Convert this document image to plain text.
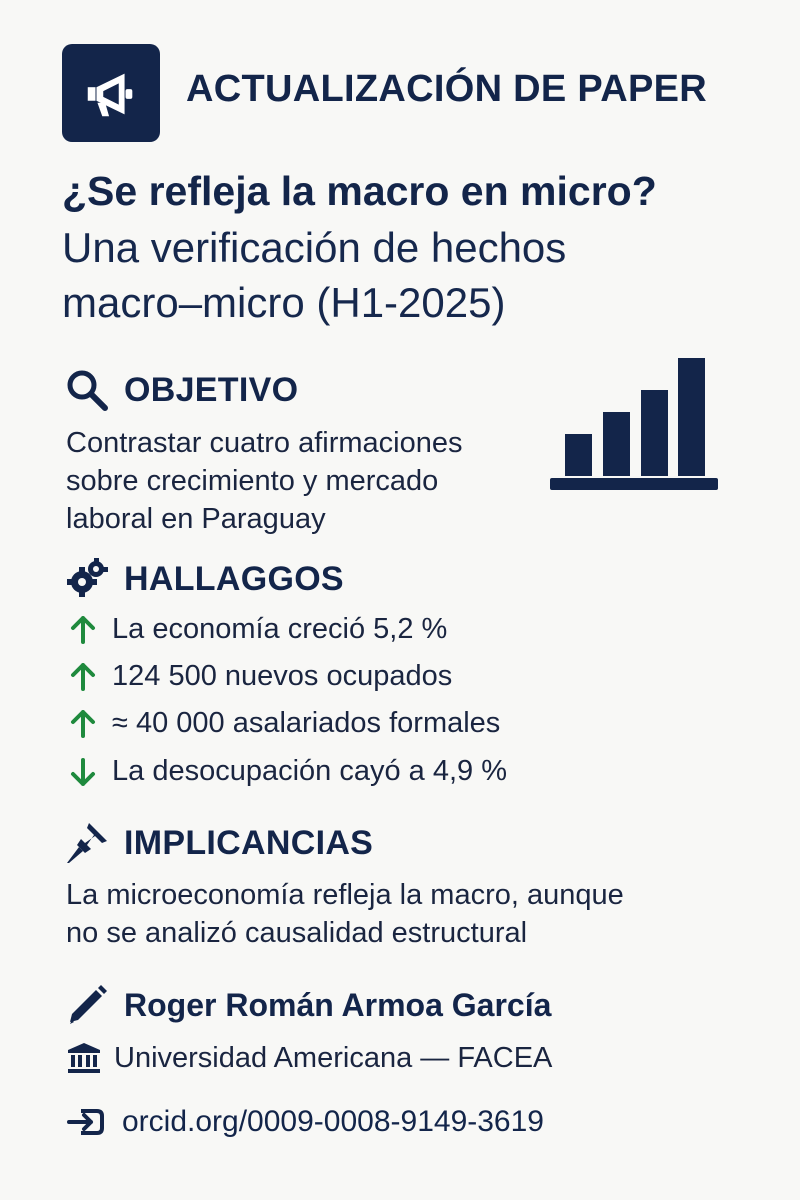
ACTUALIZACIÓN DE PAPER
¿Se refleja la macro en micro?
Una verificación de hechos
macro–micro (H1-2025)
OBJETIVO
Contrastar cuatro afirmaciones
sobre crecimiento y mercado
laboral en Paraguay
HALLAGGOS
La economía creció 5,2 %
124 500 nuevos ocupados
≈ 40 000 asalariados formales
La desocupación cayó a 4,9 %
IMPLICANCIAS
La microeconomía refleja la macro, aunque
no se analizó causalidad estructural
Roger Román Armoa García
Universidad Americana — FACEA
orcid.org/0009-0008-9149-3619
